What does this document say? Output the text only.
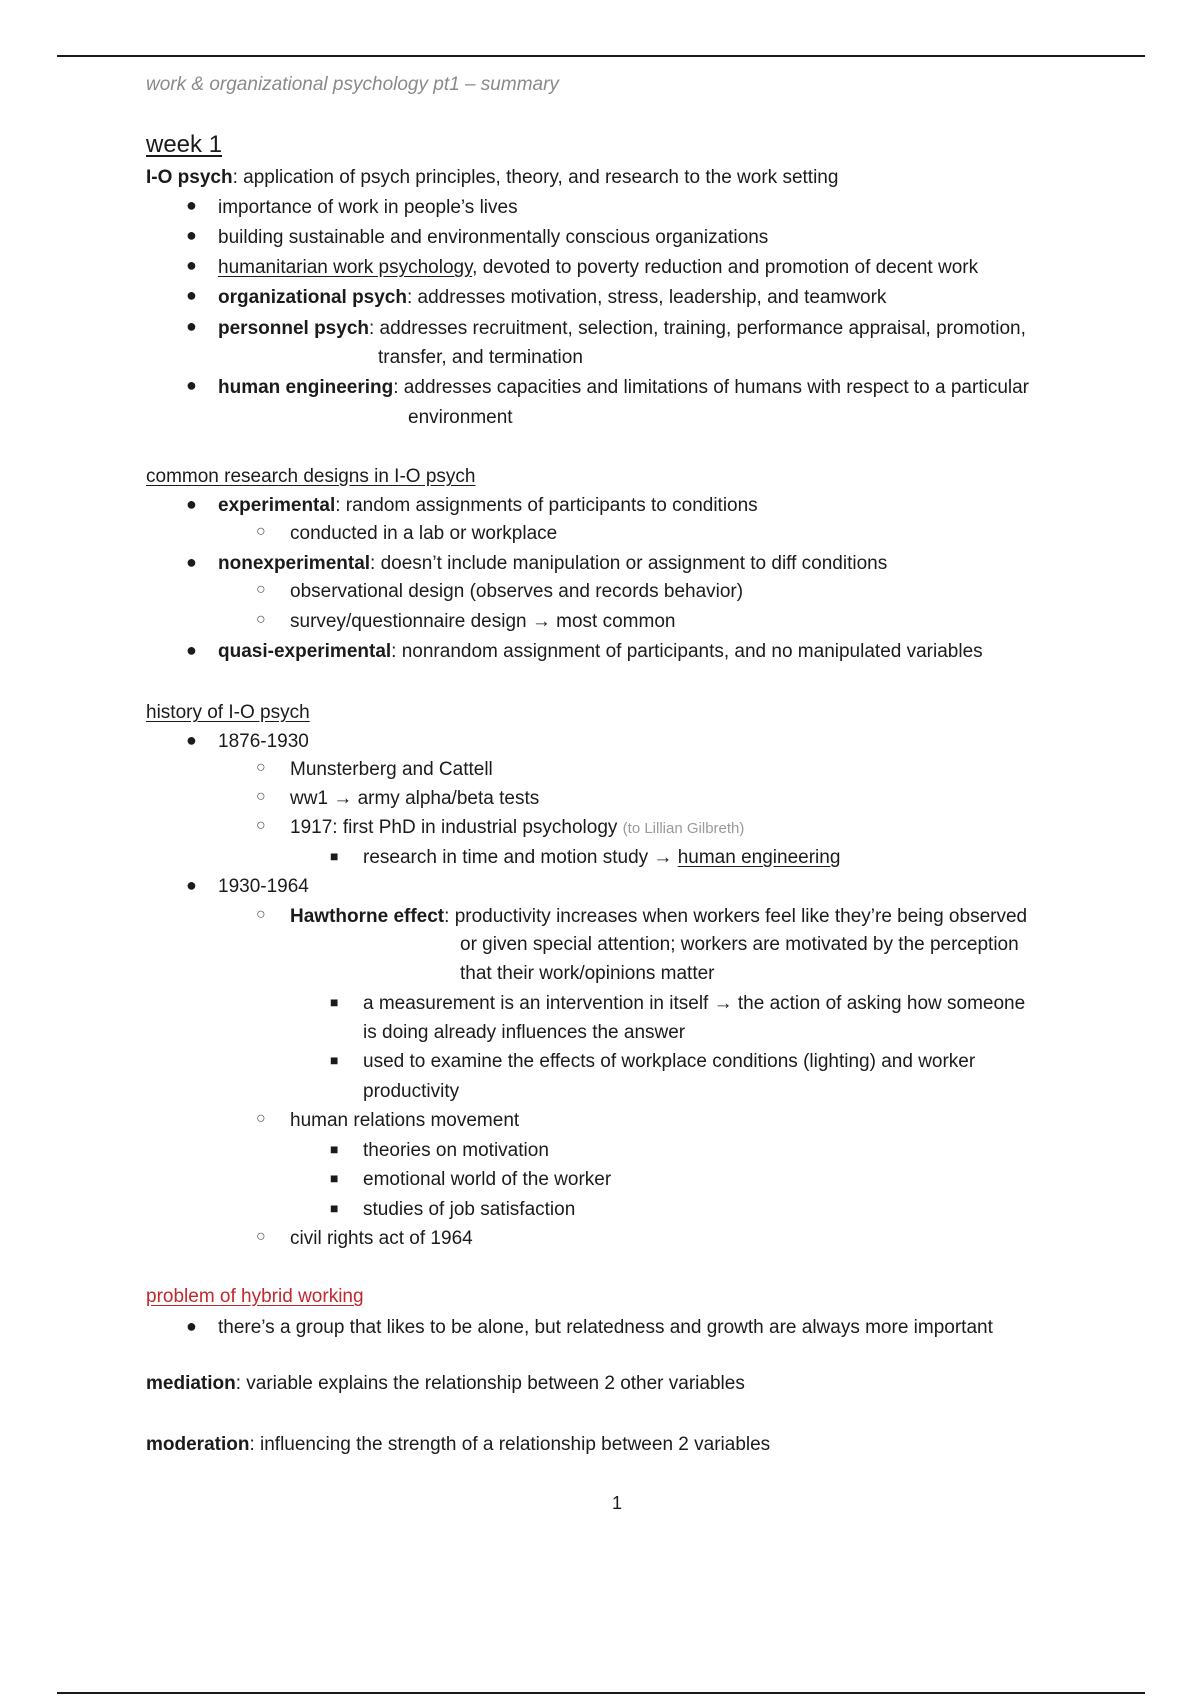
work & organizational psychology pt1 – summary
week 1
I-O psych: application of psych principles, theory, and research to the work setting
● importance of work in people’s lives
● building sustainable and environmentally conscious organizations
● humanitarian work psychology, devoted to poverty reduction and promotion of decent work
● organizational psych: addresses motivation, stress, leadership, and teamwork
● personnel psych: addresses recruitment, selection, training, performance appraisal, promotion,
transfer, and termination
● human engineering: addresses capacities and limitations of humans with respect to a particular
environment
common research designs in I-O psych
● experimental: random assignments of participants to conditions
○ conducted in a lab or workplace
● nonexperimental: doesn’t include manipulation or assignment to diff conditions
○ observational design (observes and records behavior)
○ survey/questionnaire design → most common
● quasi-experimental: nonrandom assignment of participants, and no manipulated variables
history of I-O psych
● 1876-1930
○ Munsterberg and Cattell
○ ww1 → army alpha/beta tests
○ 1917: first PhD in industrial psychology (to Lillian Gilbreth)
■ research in time and motion study → human engineering
● 1930-1964
○ Hawthorne effect: productivity increases when workers feel like they’re being observed
or given special attention; workers are motivated by the perception
that their work/opinions matter
■ a measurement is an intervention in itself → the action of asking how someone
is doing already influences the answer
■ used to examine the effects of workplace conditions (lighting) and worker
productivity
○ human relations movement
■ theories on motivation
■ emotional world of the worker
■ studies of job satisfaction
○ civil rights act of 1964
problem of hybrid working
● there’s a group that likes to be alone, but relatedness and growth are always more important
mediation: variable explains the relationship between 2 other variables
moderation: influencing the strength of a relationship between 2 variables
1
